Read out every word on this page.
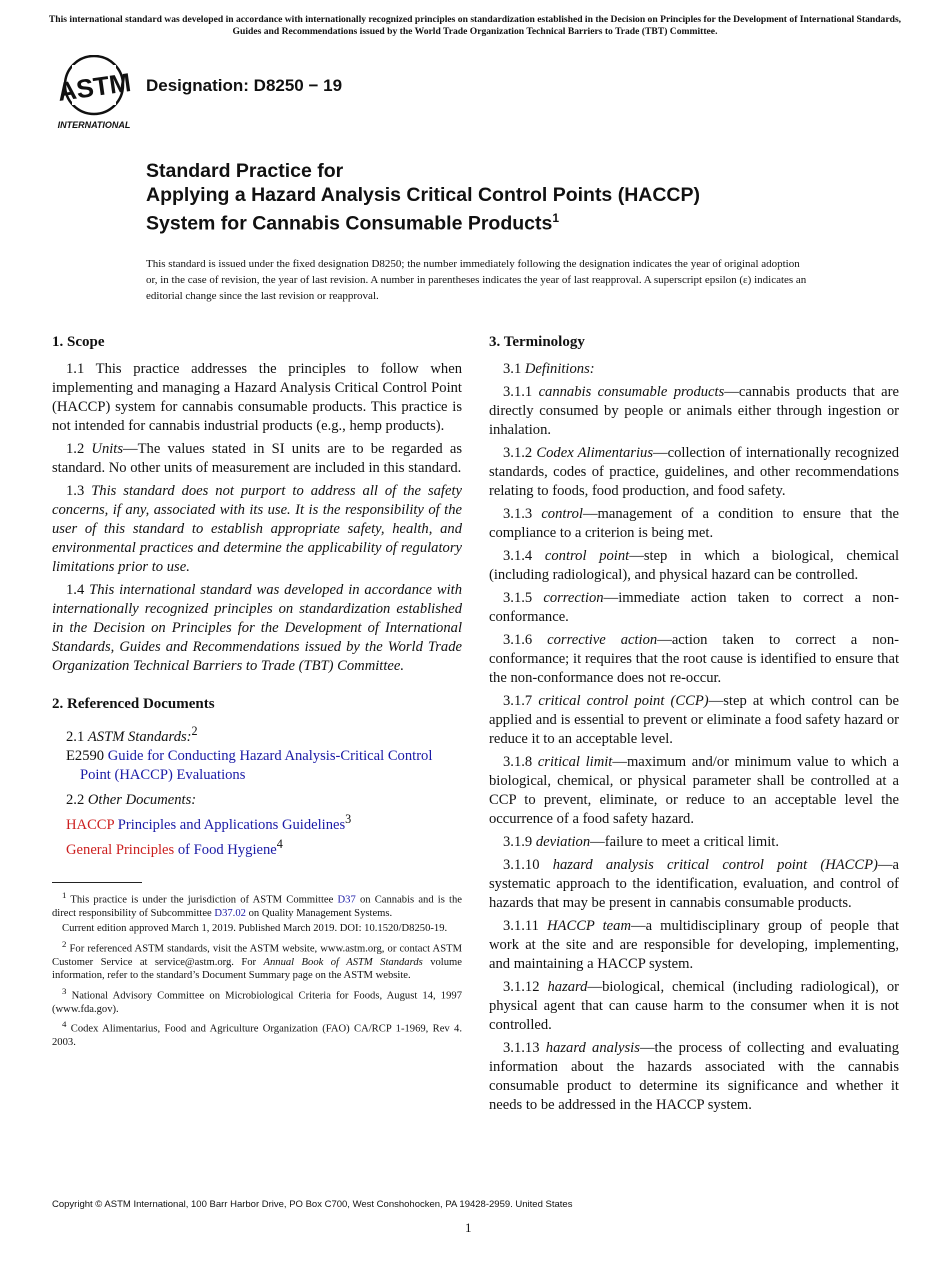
This international standard was developed in accordance with internationally recognized principles on standardization established in the Decision on Principles for the Development of International Standards, Guides and Recommendations issued by the World Trade Organization Technical Barriers to Trade (TBT) Committee.
ASTM
INTERNATIONAL
Designation: D8250 − 19
Standard Practice for
Applying a Hazard Analysis Critical Control Points (HACCP)
System for Cannabis Consumable Products$^1$
This standard is issued under the fixed designation D8250; the number immediately following the designation indicates the year of original adoption or, in the case of revision, the year of last revision. A number in parentheses indicates the year of last reapproval. A superscript epsilon (ε) indicates an editorial change since the last revision or reapproval.
1. Scope

1.1 This practice addresses the principles to follow when implementing and managing a Hazard Analysis Critical Control Point (HACCP) system for cannabis consumable products. This practice is not intended for cannabis industrial products (e.g., hemp products).

1.2 Units—The values stated in SI units are to be regarded as standard. No other units of measurement are included in this standard.

1.3 This standard does not purport to address all of the safety concerns, if any, associated with its use. It is the responsibility of the user of this standard to establish appropriate safety, health, and environmental practices and determine the applicability of regulatory limitations prior to use.

1.4 This international standard was developed in accordance with internationally recognized principles on standardization established in the Decision on Principles for the Development of International Standards, Guides and Recommendations issued by the World Trade Organization Technical Barriers to Trade (TBT) Committee.

2. Referenced Documents

2.1 ASTM Standards:$^2$

E2590 Guide for Conducting Hazard Analysis-Critical Control Point (HACCP) Evaluations

2.2 Other Documents:

HACCP Principles and Applications Guidelines$^3$

General Principles of Food Hygiene$^4$

$^1$ This practice is under the jurisdiction of ASTM Committee D37 on Cannabis and is the direct responsibility of Subcommittee D37.02 on Quality Management Systems.

Current edition approved March 1, 2019. Published March 2019. DOI: 10.1520/D8250-19.

$^2$ For referenced ASTM standards, visit the ASTM website, www.astm.org, or contact ASTM Customer Service at service@astm.org. For Annual Book of ASTM Standards volume information, refer to the standard’s Document Summary page on the ASTM website.

$^3$ National Advisory Committee on Microbiological Criteria for Foods, August 14, 1997 (www.fda.gov).

$^4$ Codex Alimentarius, Food and Agriculture Organization (FAO) CA/RCP 1-1969, Rev 4. 2003.

3. Terminology

3.1 Definitions:

3.1.1 cannabis consumable products—cannabis products that are directly consumed by people or animals either through ingestion or inhalation.

3.1.2 Codex Alimentarius—collection of internationally recognized standards, codes of practice, guidelines, and other recommendations relating to foods, food production, and food safety.

3.1.3 control—management of a condition to ensure that the compliance to a criterion is being met.

3.1.4 control point—step in which a biological, chemical (including radiological), and physical hazard can be controlled.

3.1.5 correction—immediate action taken to correct a non-conformance.

3.1.6 corrective action—action taken to correct a non-conformance; it requires that the root cause is identified to ensure that the non-conformance does not re-occur.

3.1.7 critical control point (CCP)—step at which control can be applied and is essential to prevent or eliminate a food safety hazard or reduce it to an acceptable level.

3.1.8 critical limit—maximum and/or minimum value to which a biological, chemical, or physical parameter shall be controlled at a CCP to prevent, eliminate, or reduce to an acceptable level the occurrence of a food safety hazard.

3.1.9 deviation—failure to meet a critical limit.

3.1.10 hazard analysis critical control point (HACCP)—a systematic approach to the identification, evaluation, and control of hazards that may be present in cannabis consumable products.

3.1.11 HACCP team—a multidisciplinary group of people that work at the site and are responsible for developing, implementing, and maintaining a HACCP system.

3.1.12 hazard—biological, chemical (including radiological), or physical agent that can cause harm to the consumer when it is not controlled.

3.1.13 hazard analysis—the process of collecting and evaluating information about the hazards associated with the cannabis consumable product to determine its significance and whether it needs to be addressed in the HACCP system.

Copyright © ASTM International, 100 Barr Harbor Drive, PO Box C700, West Conshohocken, PA 19428-2959. United States
1
